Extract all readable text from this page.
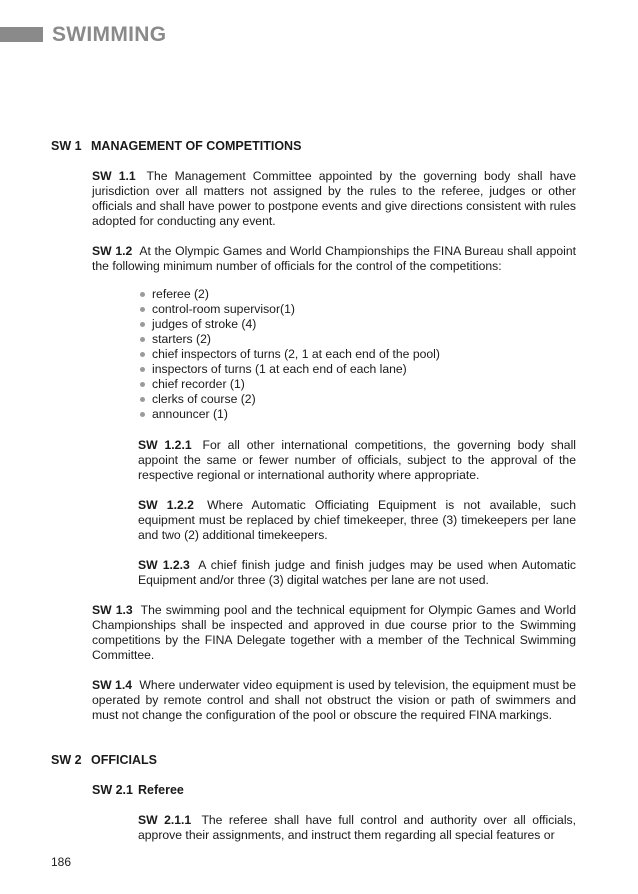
SWIMMING
SW 1 MANAGEMENT OF COMPETITIONS
SW 1.1 The Management Committee appointed by the governing body shall have jurisdiction over all matters not assigned by the rules to the referee, judges or other officials and shall have power to postpone events and give directions consistent with rules adopted for conducting any event.
SW 1.2 At the Olympic Games and World Championships the FINA Bureau shall appoint the following minimum number of officials for the control of the competitions:
referee (2)
control-room supervisor(1)
judges of stroke (4)
starters (2)
chief inspectors of turns (2, 1 at each end of the pool)
inspectors of turns (1 at each end of each lane)
chief recorder (1)
clerks of course (2)
announcer (1)
SW 1.2.1 For all other international competitions, the governing body shall appoint the same or fewer number of officials, subject to the approval of the respective regional or international authority where appropriate.
SW 1.2.2 Where Automatic Officiating Equipment is not available, such equipment must be replaced by chief timekeeper, three (3) timekeepers per lane and two (2) additional timekeepers.
SW 1.2.3 A chief finish judge and finish judges may be used when Automatic Equipment and/or three (3) digital watches per lane are not used.
SW 1.3 The swimming pool and the technical equipment for Olympic Games and World Championships shall be inspected and approved in due course prior to the Swimming competitions by the FINA Delegate together with a member of the Technical Swimming Committee.
SW 1.4 Where underwater video equipment is used by television, the equipment must be operated by remote control and shall not obstruct the vision or path of swimmers and must not change the configuration of the pool or obscure the required FINA markings.
SW 2 OFFICIALS
SW 2.1 Referee
SW 2.1.1 The referee shall have full control and authority over all officials, approve their assignments, and instruct them regarding all special features or
186
